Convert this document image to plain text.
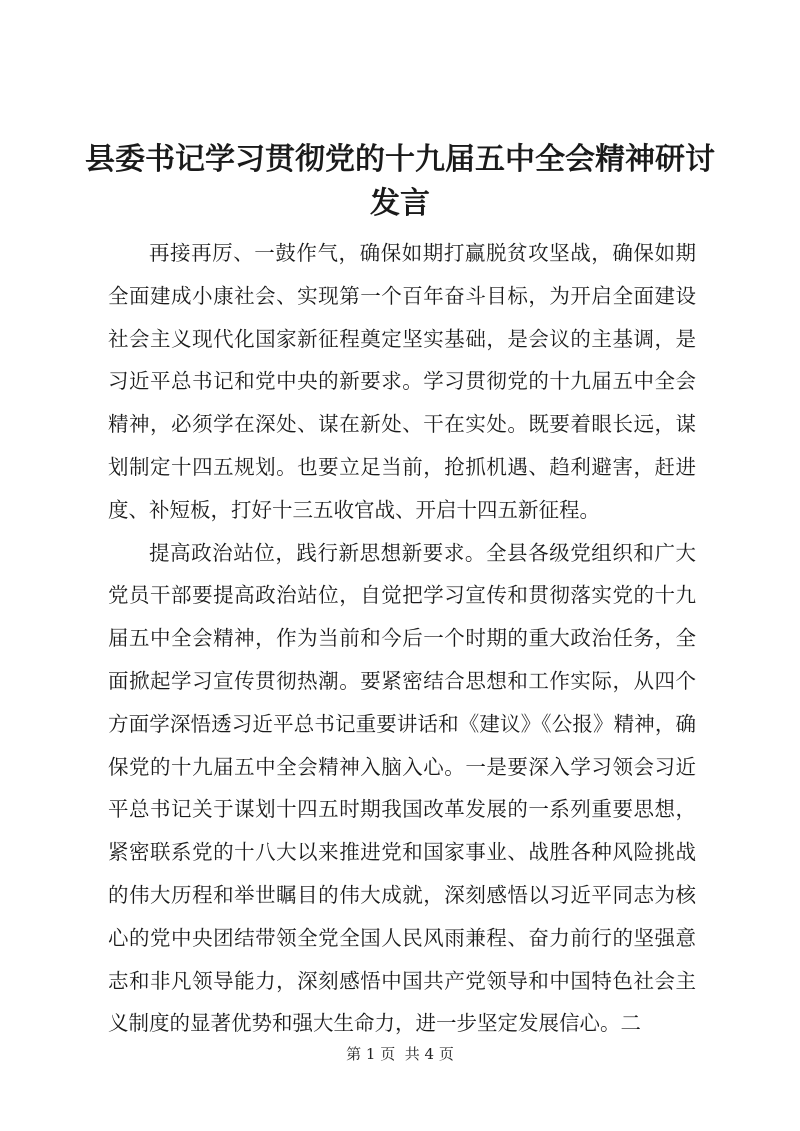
县委书记学习贯彻党的十九届五中全会精神研讨发言

再接再厉、一鼓作气，确保如期打赢脱贫攻坚战，确保如期全面建成小康社会、实现第一个百年奋斗目标，为开启全面建设社会主义现代化国家新征程奠定坚实基础，是会议的主基调，是习近平总书记和党中央的新要求。学习贯彻党的十九届五中全会精神，必须学在深处、谋在新处、干在实处。既要着眼长远，谋划制定十四五规划。也要立足当前，抢抓机遇、趋利避害，赶进度、补短板，打好十三五收官战、开启十四五新征程。

提高政治站位，践行新思想新要求。全县各级党组织和广大党员干部要提高政治站位，自觉把学习宣传和贯彻落实党的十九届五中全会精神，作为当前和今后一个时期的重大政治任务，全面掀起学习宣传贯彻热潮。要紧密结合思想和工作实际，从四个方面学深悟透习近平总书记重要讲话和《建议》《公报》精神，确保党的十九届五中全会精神入脑入心。一是要深入学习领会习近平总书记关于谋划十四五时期我国改革发展的一系列重要思想，紧密联系党的十八大以来推进党和国家事业、战胜各种风险挑战的伟大历程和举世瞩目的伟大成就，深刻感悟以习近平同志为核心的党中央团结带领全党全国人民风雨兼程、奋力前行的坚强意志和非凡领导能力，深刻感悟中国共产党领导和中国特色社会主义制度的显著优势和强大生命力，进一步坚定发展信心。二

第 1 页  共 4 页
